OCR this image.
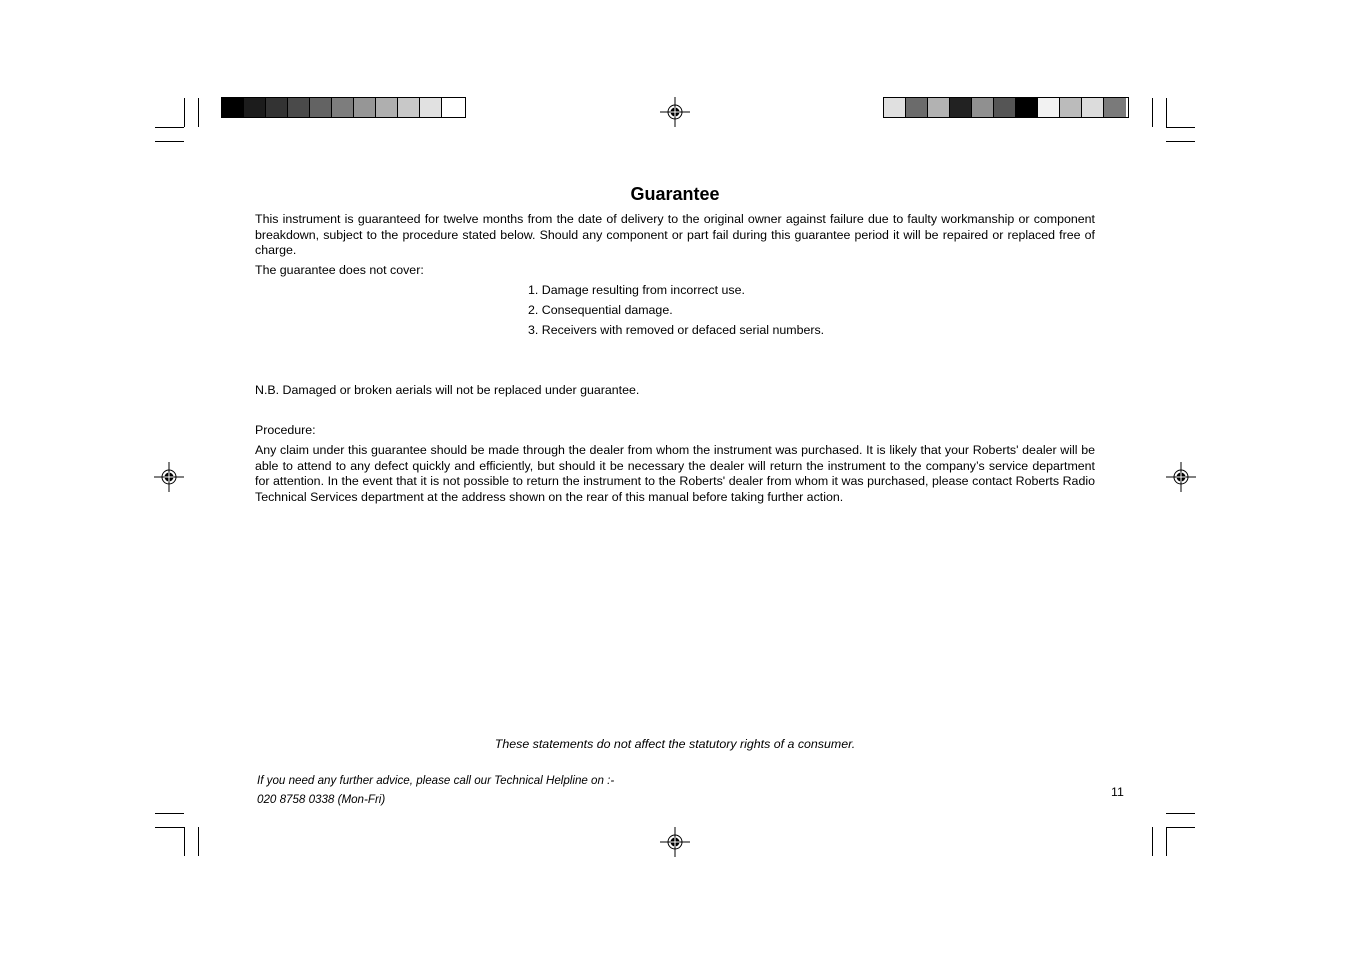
Guarantee
This instrument is guaranteed for twelve months from the date of delivery to the original owner against failure due to faulty workmanship or component breakdown, subject to the procedure stated below. Should any component or part fail during this guarantee period it will be repaired or replaced free of charge.
The guarantee does not cover:
1. Damage resulting from incorrect use.
2. Consequential damage.
3. Receivers with removed or defaced serial numbers.
N.B. Damaged or broken aerials will not be replaced under guarantee.
Procedure:
Any claim under this guarantee should be made through the dealer from whom the instrument was purchased. It is likely that your Roberts' dealer will be able to attend to any defect quickly and efficiently, but should it be necessary the dealer will return the instrument to the company’s service department for attention. In the event that it is not possible to return the instrument to the Roberts' dealer from whom it was purchased, please contact Roberts Radio Technical Services department at the address shown on the rear of this manual before taking further action.
These statements do not affect the statutory rights of a consumer.
If you need any further advice, please call our Technical Helpline on :-
020 8758 0338 (Mon-Fri)
11
